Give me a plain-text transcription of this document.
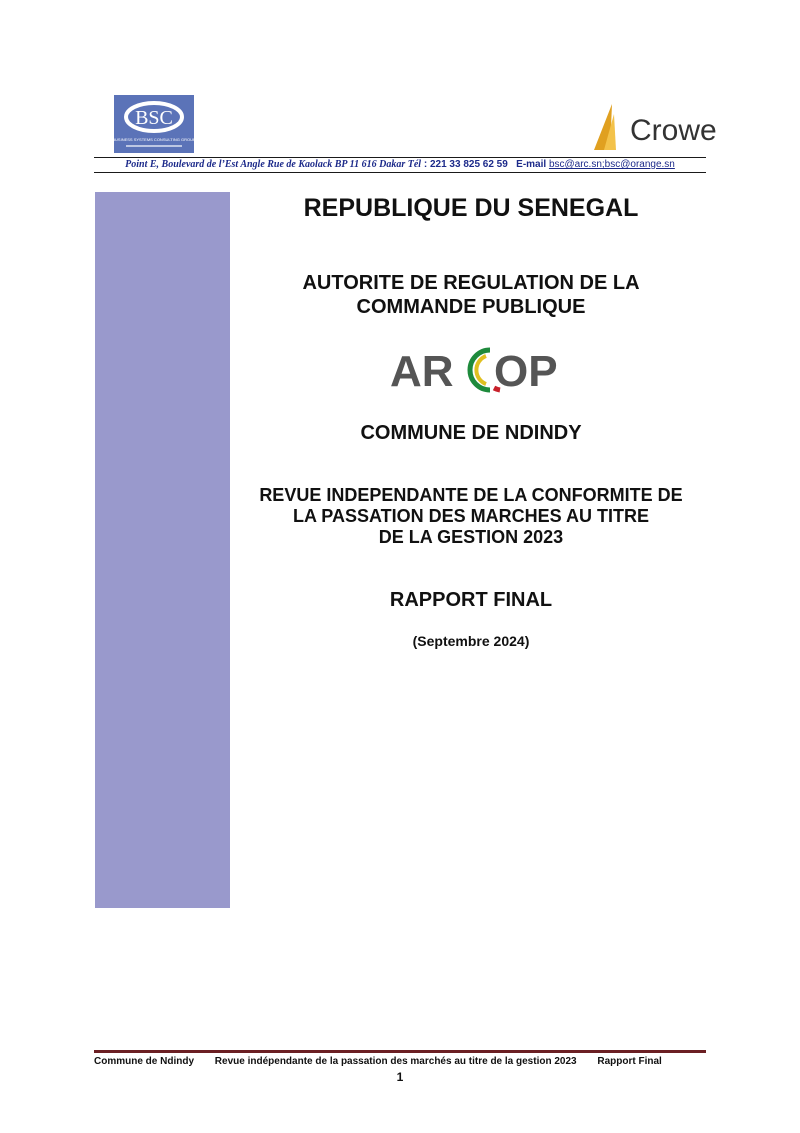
BSC
BUSINESS SYSTEMS CONSULTING GROUP	Crowe
Point E, Boulevard de l’Est Angle Rue de Kaolack BP 11 616 Dakar Tél : 221 33 825 62 59 E-mail bsc@arc.sn;bsc@orange.sn
REPUBLIQUE DU SENEGAL
AUTORITE DE REGULATION DE LA
COMMANDE PUBLIQUE
AR OP
COMMUNE DE NDINDY
REVUE INDEPENDANTE DE LA CONFORMITE DE
LA PASSATION DES MARCHES AU TITRE
DE LA GESTION 2023
RAPPORT FINAL
(Septembre 2024)
Commune de Ndindy Revue indépendante de la passation des marchés au titre de la gestion 2023 Rapport Final
1
